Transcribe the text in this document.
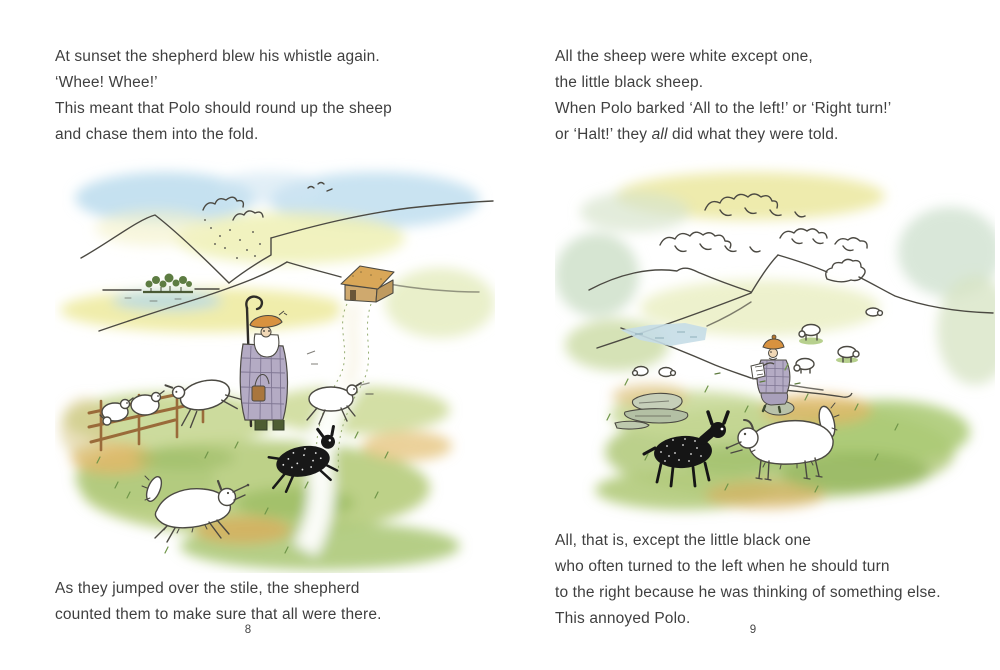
At sunset the shepherd blew his whistle again.
‘Whee! Whee!’
This meant that Polo should round up the sheep
and chase them into the fold.
As they jumped over the stile, the shepherd
counted them to make sure that all were there.
8
All the sheep were white except one,
the little black sheep.
When Polo barked ‘All to the left!’ or ‘Right turn!’
or ‘Halt!’ they all did what they were told.
All, that is, except the little black one
who often turned to the left when he should turn
to the right because he was thinking of something else.
This annoyed Polo.
9
